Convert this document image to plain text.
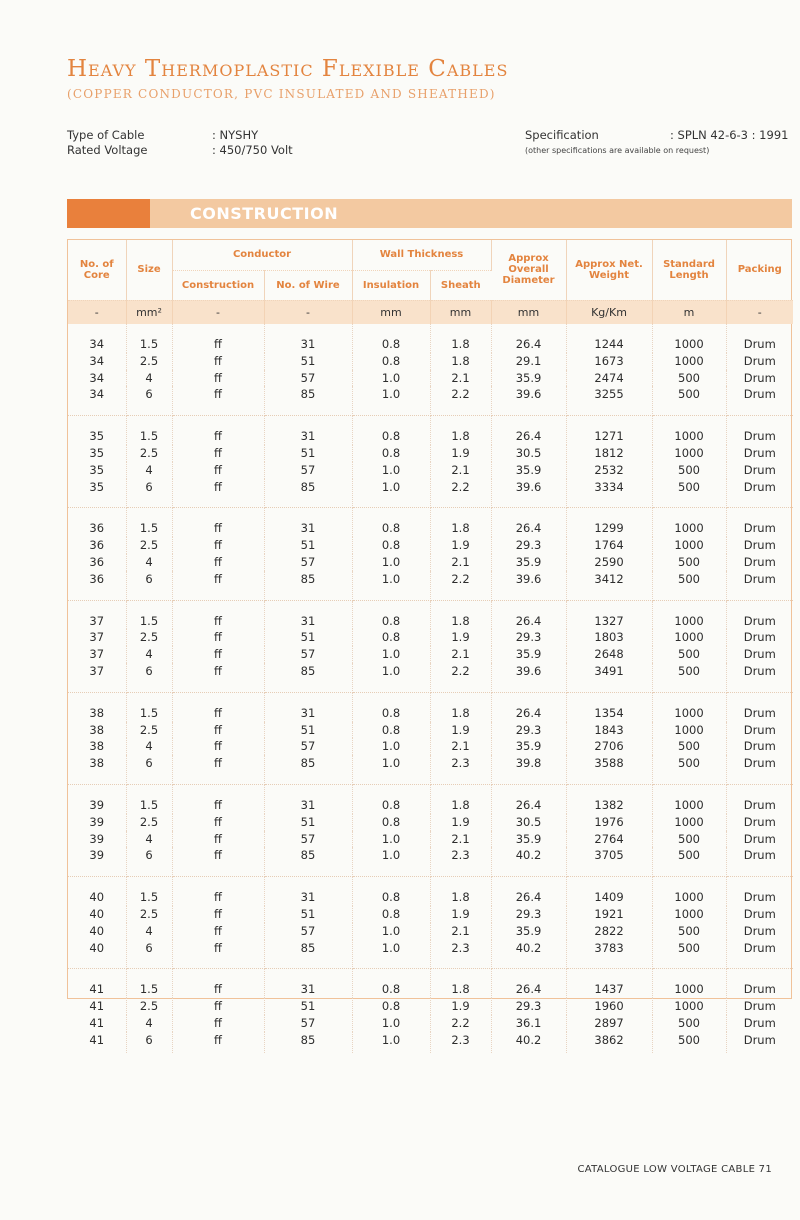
Heavy Thermoplastic Flexible Cables
(COPPER CONDUCTOR, PVC INSULATED AND SHEATHED)
Type of Cable	: NYSHY
Rated Voltage	: 450/750 Volt
Specification	: SPLN 42-6-3 : 1991
(other specifications are available on request)
CONSTRUCTION
No. of Core	Size	Conductor		Wall Thickness		Approx Overall Diameter	Approx Net. Weight	Standard Length	Packing
		Construction	No. of Wire	Insulation	Sheath				
-	mm²	-	-	mm	mm	mm	Kg/Km	m	-
34	1.5	ff	31	0.8	1.8	26.4	1244	1000	Drum
34	2.5	ff	51	0.8	1.8	29.1	1673	1000	Drum
34	4	ff	57	1.0	2.1	35.9	2474	500	Drum
34	6	ff	85	1.0	2.2	39.6	3255	500	Drum
35	1.5	ff	31	0.8	1.8	26.4	1271	1000	Drum
35	2.5	ff	51	0.8	1.9	30.5	1812	1000	Drum
35	4	ff	57	1.0	2.1	35.9	2532	500	Drum
35	6	ff	85	1.0	2.2	39.6	3334	500	Drum
36	1.5	ff	31	0.8	1.8	26.4	1299	1000	Drum
36	2.5	ff	51	0.8	1.9	29.3	1764	1000	Drum
36	4	ff	57	1.0	2.1	35.9	2590	500	Drum
36	6	ff	85	1.0	2.2	39.6	3412	500	Drum
37	1.5	ff	31	0.8	1.8	26.4	1327	1000	Drum
37	2.5	ff	51	0.8	1.9	29.3	1803	1000	Drum
37	4	ff	57	1.0	2.1	35.9	2648	500	Drum
37	6	ff	85	1.0	2.2	39.6	3491	500	Drum
38	1.5	ff	31	0.8	1.8	26.4	1354	1000	Drum
38	2.5	ff	51	0.8	1.9	29.3	1843	1000	Drum
38	4	ff	57	1.0	2.1	35.9	2706	500	Drum
38	6	ff	85	1.0	2.3	39.8	3588	500	Drum
39	1.5	ff	31	0.8	1.8	26.4	1382	1000	Drum
39	2.5	ff	51	0.8	1.9	30.5	1976	1000	Drum
39	4	ff	57	1.0	2.1	35.9	2764	500	Drum
39	6	ff	85	1.0	2.3	40.2	3705	500	Drum
40	1.5	ff	31	0.8	1.8	26.4	1409	1000	Drum
40	2.5	ff	51	0.8	1.9	29.3	1921	1000	Drum
40	4	ff	57	1.0	2.1	35.9	2822	500	Drum
40	6	ff	85	1.0	2.3	40.2	3783	500	Drum
41	1.5	ff	31	0.8	1.8	26.4	1437	1000	Drum
41	2.5	ff	51	0.8	1.9	29.3	1960	1000	Drum
41	4	ff	57	1.0	2.2	36.1	2897	500	Drum
41	6	ff	85	1.0	2.3	40.2	3862	500	Drum
CATALOGUE LOW VOLTAGE CABLE 71
